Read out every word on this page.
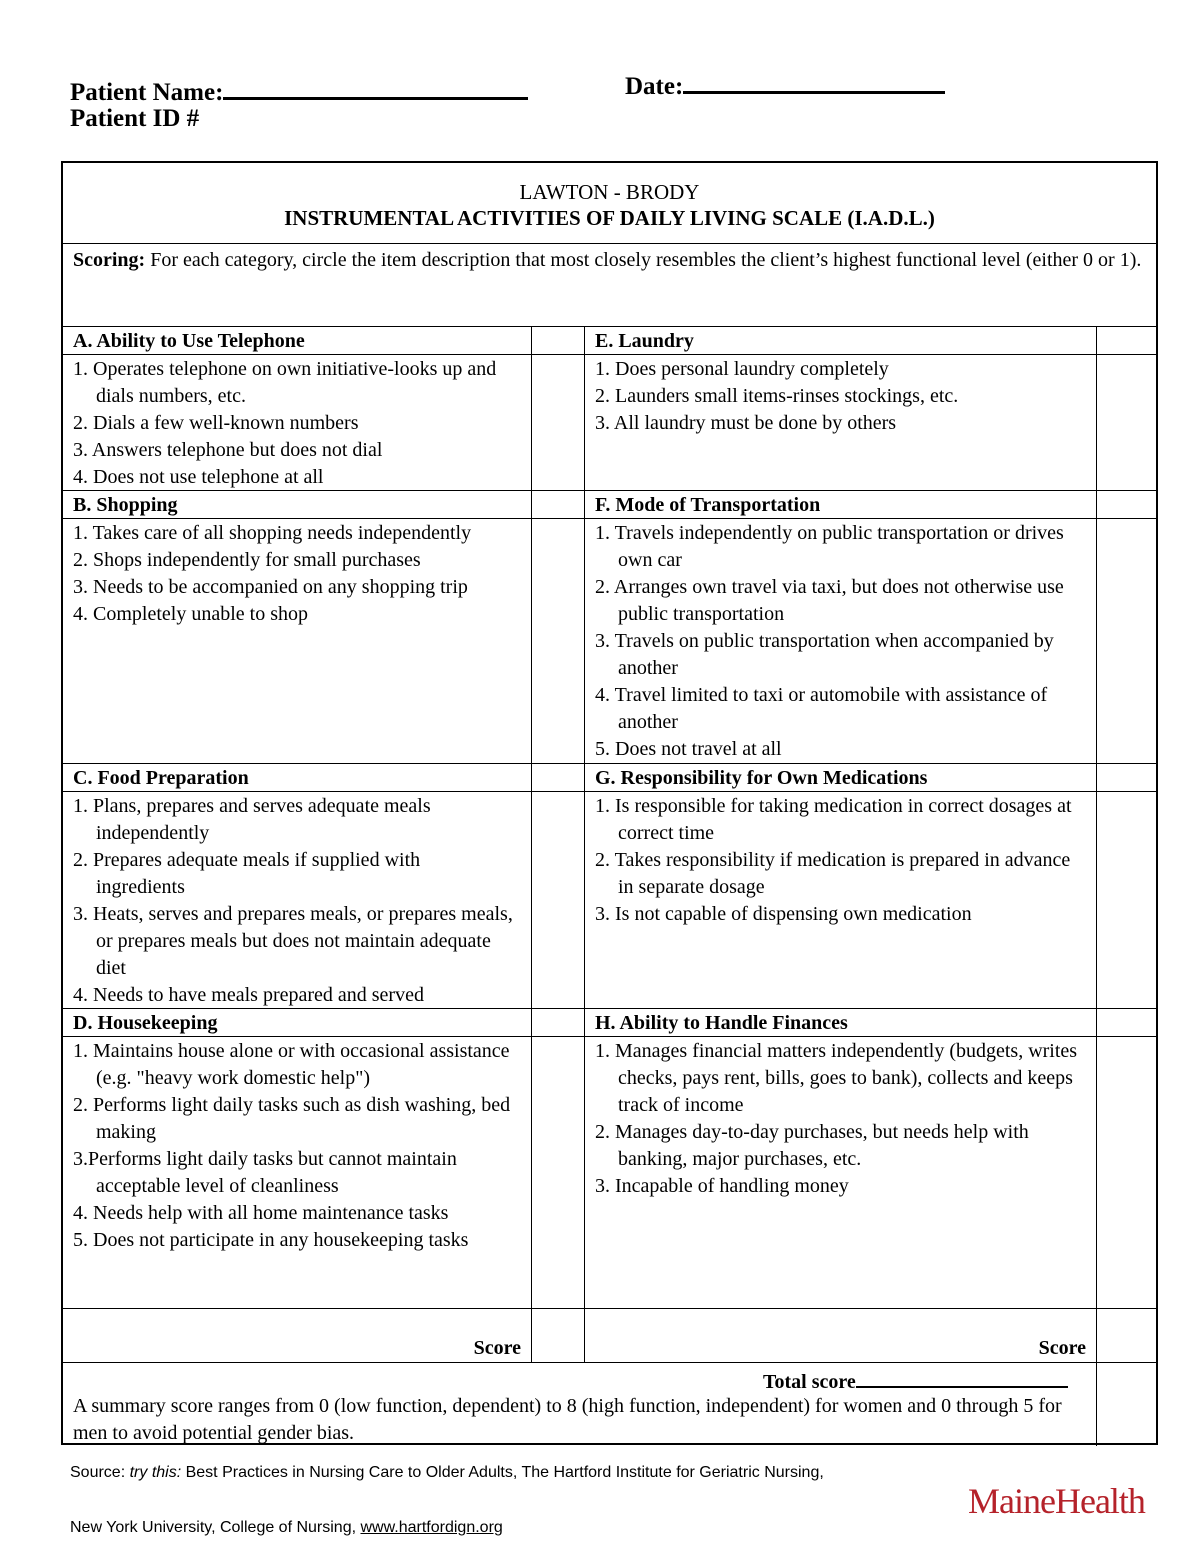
Patient Name:	Date:
Patient ID #
LAWTON - BRODY
INSTRUMENTAL ACTIVITIES OF DAILY LIVING SCALE (I.A.D.L.)
Scoring: For each category, circle the item description that most closely resembles the client’s highest functional level (either 0 or 1).
A. Ability to Use Telephone
1. Operates telephone on own initiative-looks up and dials numbers, etc.
2. Dials a few well-known numbers
3. Answers telephone but does not dial
4. Does not use telephone at all
B. Shopping
1. Takes care of all shopping needs independently
2. Shops independently for small purchases
3. Needs to be accompanied on any shopping trip
4. Completely unable to shop
C. Food Preparation
1. Plans, prepares and serves adequate meals independently
2. Prepares adequate meals if supplied with ingredients
3. Heats, serves and prepares meals, or prepares meals, or prepares meals but does not maintain adequate diet
4. Needs to have meals prepared and served
D. Housekeeping
1. Maintains house alone or with occasional assistance (e.g. "heavy work domestic help")
2. Performs light daily tasks such as dish washing, bed making
3.Performs light daily tasks but cannot maintain acceptable level of cleanliness
4. Needs help with all home maintenance tasks
5. Does not participate in any housekeeping tasks
Score
E. Laundry
1. Does personal laundry completely
2. Launders small items-rinses stockings, etc.
3. All laundry must be done by others
F. Mode of Transportation
1. Travels independently on public transportation or drives own car
2. Arranges own travel via taxi, but does not otherwise use public transportation
3. Travels on public transportation when accompanied by another
4. Travel limited to taxi or automobile with assistance of another
5. Does not travel at all
G. Responsibility for Own Medications
1. Is responsible for taking medication in correct dosages at correct time
2. Takes responsibility if medication is prepared in advance in separate dosage
3. Is not capable of dispensing own medication
H. Ability to Handle Finances
1. Manages financial matters independently (budgets, writes checks, pays rent, bills, goes to bank), collects and keeps track of income
2. Manages day-to-day purchases, but needs help with banking, major purchases, etc.
3. Incapable of handling money
Score
Total score
A summary score ranges from 0 (low function, dependent) to 8 (high function, independent) for women and 0 through 5 for men to avoid potential gender bias.
Source: try this: Best Practices in Nursing Care to Older Adults, The Hartford Institute for Geriatric Nursing,
New York University, College of Nursing, www.hartfordign.org
MaineHealth
